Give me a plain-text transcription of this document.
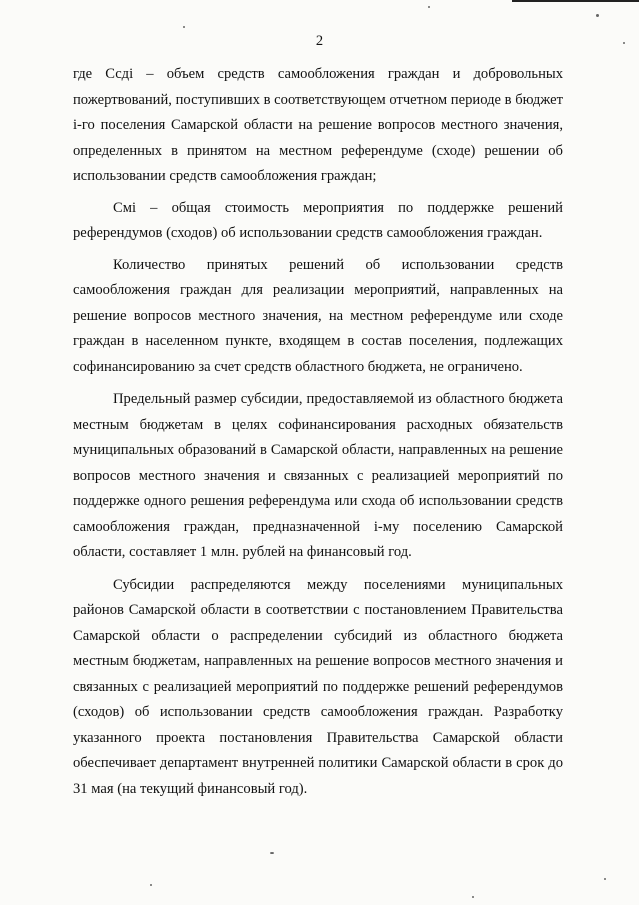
2

где Ссдi – объем средств самообложения граждан и добровольных пожертвований, поступивших в соответствующем отчетном периоде в бюджет i-го поселения Самарской области на решение вопросов местного значения, определенных в принятом на местном референдуме (сходе) решении об использовании средств самообложения граждан;

Смi – общая стоимость мероприятия по поддержке решений референдумов (сходов) об использовании средств самообложения граждан.

Количество принятых решений об использовании средств самообложения граждан для реализации мероприятий, направленных на решение вопросов местного значения, на местном референдуме или сходе граждан в населенном пункте, входящем в состав поселения, подлежащих софинансированию за счет средств областного бюджета, не ограничено.

Предельный размер субсидии, предоставляемой из областного бюджета местным бюджетам в целях софинансирования расходных обязательств муниципальных образований в Самарской области, направленных на решение вопросов местного значения и связанных с реализацией мероприятий по поддержке одного решения референдума или схода об использовании средств самообложения граждан, предназначенной i-му поселению Самарской области, составляет 1 млн. рублей на финансовый год.

Субсидии распределяются между поселениями муниципальных районов Самарской области в соответствии с постановлением Правительства Самарской области о распределении субсидий из областного бюджета местным бюджетам, направленных на решение вопросов местного значения и связанных с реализацией мероприятий по поддержке решений референдумов (сходов) об использовании средств самообложения граждан. Разработку указанного проекта постановления Правительства Самарской области обеспечивает департамент внутренней политики Самарской области в срок до 31 мая (на текущий финансовый год).
